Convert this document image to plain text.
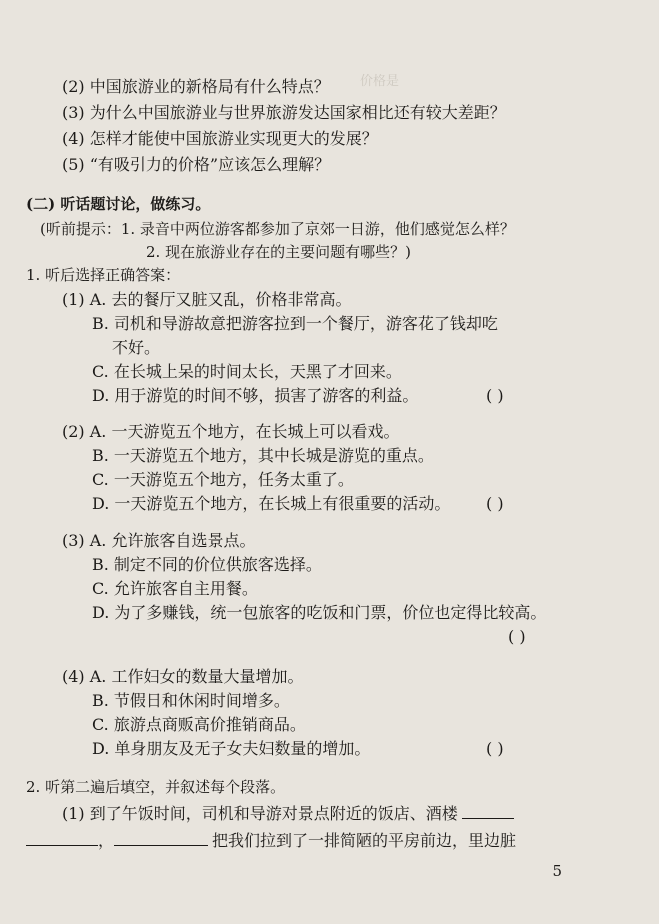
价格是　　　　　　　　　　　　　　　　　　　　

(2) 中国旅游业的新格局有什么特点？
(3) 为什么中国旅游业与世界旅游发达国家相比还有较大差距？
(4) 怎样才能使中国旅游业实现更大的发展？
(5) “有吸引力的价格”应该怎么理解？
(二) 听话题讨论，做练习。
(听前提示：1. 录音中两位游客都参加了京郊一日游，他们感觉怎么样？
2. 现在旅游业存在的主要问题有哪些？)
1. 听后选择正确答案：
(1) A. 去的餐厅又脏又乱，价格非常高。
B. 司机和导游故意把游客拉到一个餐厅，游客花了钱却吃
不好。
C. 在长城上呆的时间太长，天黑了才回来。
D. 用于游览的时间不够，损害了游客的利益。	( )
(2) A. 一天游览五个地方，在长城上可以看戏。
B. 一天游览五个地方，其中长城是游览的重点。
C. 一天游览五个地方，任务太重了。
D. 一天游览五个地方，在长城上有很重要的活动。 ( )
(3) A. 允许旅客自选景点。
B. 制定不同的价位供旅客选择。
C. 允许旅客自主用餐。
D. 为了多赚钱，统一包旅客的吃饭和门票，价位也定得比较高。
( )
(4) A. 工作妇女的数量大量增加。
B. 节假日和休闲时间增多。
C. 旅游点商贩高价推销商品。
D. 单身朋友及无子女夫妇数量的增加。	( )
2. 听第二遍后填空，并叙述每个段落。
(1) 到了午饭时间，司机和导游对景点附近的饭店、酒楼
，	把我们拉到了一排简陋的平房前边，里边脏
5
